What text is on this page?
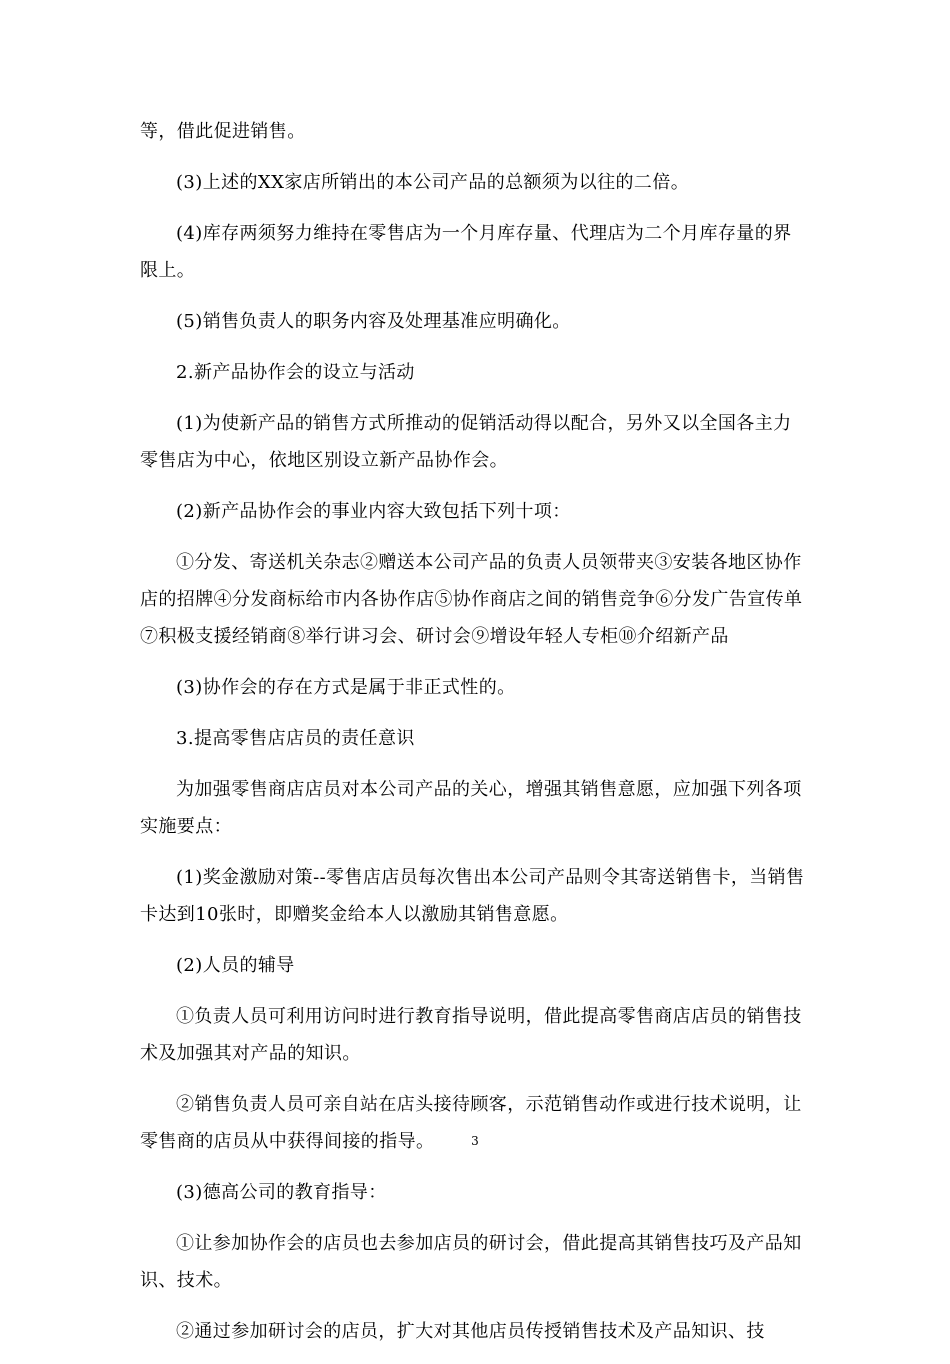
等，借此促进销售。

(3)上述的XX家店所销出的本公司产品的总额须为以往的二倍。

(4)库存两须努力维持在零售店为一个月库存量、代理店为二个月库存量的界限上。

(5)销售负责人的职务内容及处理基准应明确化。

2.新产品协作会的设立与活动

(1)为使新产品的销售方式所推动的促销活动得以配合，另外又以全国各主力零售店为中心，依地区别设立新产品协作会。

(2)新产品协作会的事业内容大致包括下列十项：

①分发、寄送机关杂志②赠送本公司产品的负责人员领带夹③安装各地区协作店的招牌④分发商标给市内各协作店⑤协作商店之间的销售竞争⑥分发广告宣传单⑦积极支援经销商⑧举行讲习会、研讨会⑨增设年轻人专柜⑩介绍新产品

(3)协作会的存在方式是属于非正式性的。

3.提高零售店店员的责任意识

为加强零售商店店员对本公司产品的关心，增强其销售意愿，应加强下列各项实施要点：

(1)奖金激励对策--零售店店员每次售出本公司产品则令其寄送销售卡，当销售卡达到10张时，即赠奖金给本人以激励其销售意愿。

(2)人员的辅导

①负责人员可利用访问时进行教育指导说明，借此提高零售商店店员的销售技术及加强其对产品的知识。

②销售负责人员可亲自站在店头接待顾客，示范销售动作或进行技术说明，让零售商的店员从中获得间接的指导。

(3)德高公司的教育指导：

①让参加协作会的店员也去参加店员的研讨会，借此提高其销售技巧及产品知识、技术。

②通过参加研讨会的店员，扩大对其他店员传授销售技术及产品知识、技

3
